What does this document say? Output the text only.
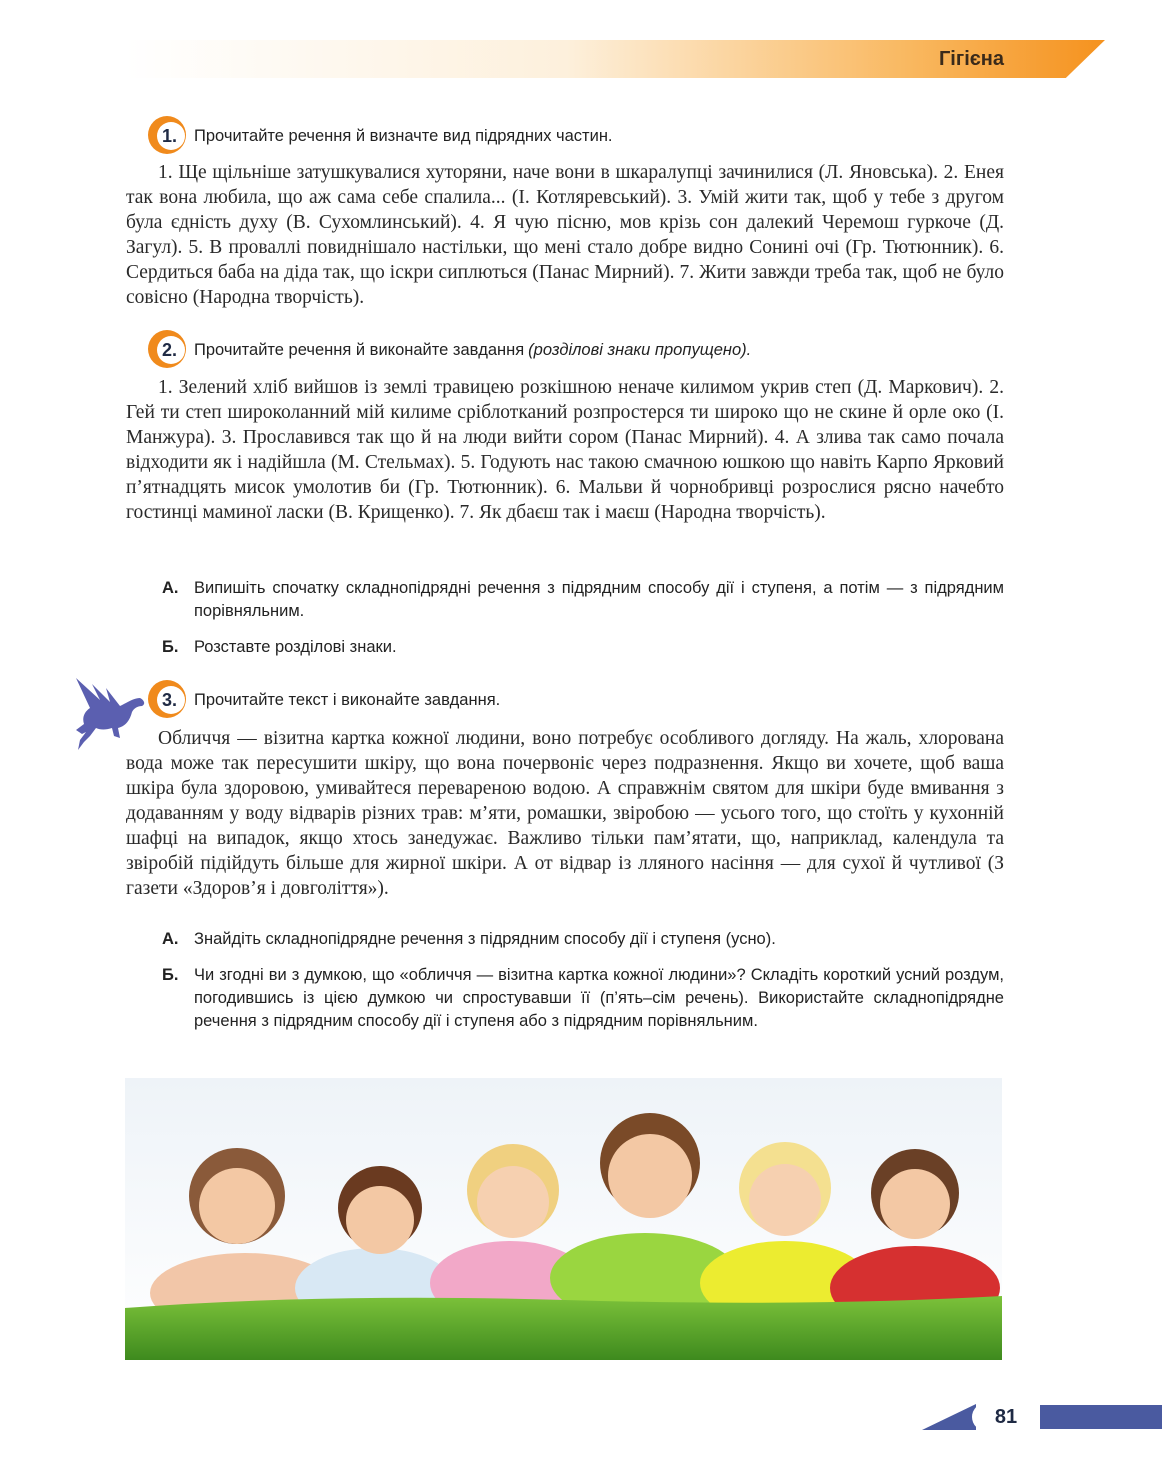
Гігієна
1. Прочитайте речення й визначте вид підрядних частин.
1. Ще щільніше затушкувалися хуторяни, наче вони в шкаралупці зачинилися (Л. Яновська). 2. Енея так вона любила, що аж сама себе спалила... (І. Котляревський). 3. Умій жити так, щоб у тебе з другом була єдність духу (В. Сухомлинський). 4. Я чую пісню, мов крізь сон далекий Черемош гуркоче (Д. Загул). 5. В проваллі повиднішало настільки, що мені стало добре видно Сонині очі (Гр. Тютюнник). 6. Сердиться баба на діда так, що іскри сиплються (Панас Мирний). 7. Жити завжди треба так, щоб не було совісно (Народна творчість).
2. Прочитайте речення й виконайте завдання (розділові знаки пропущено).
1. Зелений хліб вийшов із землі травицею розкішною неначе килимом укрив степ (Д. Маркович). 2. Гей ти степ широколанний мій килиме сріблотканий розпростерся ти широко що не скине й орле око (І. Манжура). 3. Прославився так що й на люди вийти сором (Панас Мирний). 4. А злива так само почала відходити як і надійшла (М. Стельмах). 5. Годують нас такою смачною юшкою що навіть Карпо Ярковий п’ятнадцять мисок умолотив би (Гр. Тютюнник). 6. Мальви й чорнобривці розрослися рясно начебто гостинці маминої ласки (В. Крищенко). 7. Як дбаєш так і маєш (Народна творчість).
А. Випишіть спочатку складнопідрядні речення з підрядним способу дії і ступеня, а потім — з підрядним порівняльним.
Б. Розставте розділові знаки.
3. Прочитайте текст і виконайте завдання.
Обличчя — візитна картка кожної людини, воно потребує особливого догляду. На жаль, хлорована вода може так пересушити шкіру, що вона почервоніє через подразнення. Якщо ви хочете, щоб ваша шкіра була здоровою, умивайтеся перевареною водою. А справжнім святом для шкіри буде вмивання з додаванням у воду відварів різних трав: м’яти, ромашки, звіробою — усього того, що стоїть у кухонній шафці на випадок, якщо хтось занедужає. Важливо тільки пам’ятати, що, наприклад, календула та звіробій підійдуть більше для жирної шкіри. А от відвар із лляного насіння — для сухої й чутливої (З газети «Здоров’я і довголіття»).
А. Знайдіть складнопідрядне речення з підрядним способу дії і ступеня (усно).
Б. Чи згодні ви з думкою, що «обличчя — візитна картка кожної людини»? Складіть короткий усний роздум, погодившись із цією думкою чи спростувавши її (п’ять–сім речень). Використайте складнопідрядне речення з підрядним способу дії і ступеня або з підрядним порівняльним.
81
